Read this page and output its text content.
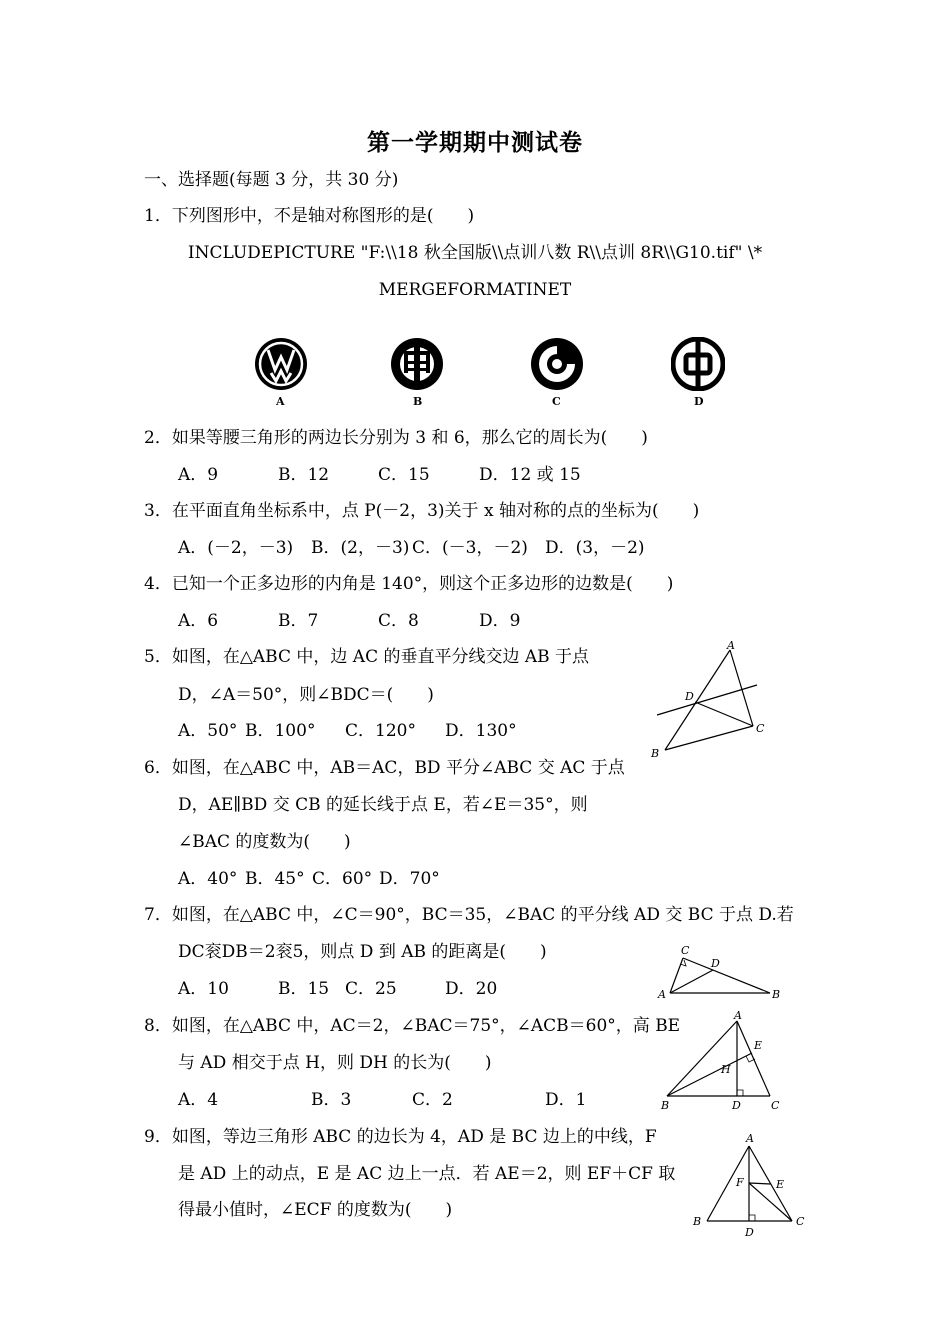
第一学期期中测试卷
一、选择题(每题 3 分，共 30 分)
1．下列图形中，不是轴对称图形的是(　　)
INCLUDEPICTURE "F:\\18 秋全国版\\点训八数 R\\点训 8R\\G10.tif" \*
MERGEFORMATINET
A	B	C	D
2．如果等腰三角形的两边长分别为 3 和 6，那么它的周长为(　　)
A．9	B．12	C．15	D．12 或 15
3．在平面直角坐标系中，点 P(－2，3)关于 x 轴对称的点的坐标为(　　)
A．(－2，－3) B．(2，－3) C．(－3，－2) D．(3，－2)
4．已知一个正多边形的内角是 140°，则这个正多边形的边数是(　　)
A．6	B．7	C．8	D．9
5．如图，在△ABC 中，边 AC 的垂直平分线交边 AB 于点
D，∠A＝50°，则∠BDC＝(　　)
A．50° B．100° C．120° D．130°
A
B
C
D
6．如图，在△ABC 中，AB＝AC，BD 平分∠ABC 交 AC 于点
D，AE∥BD 交 CB 的延长线于点 E，若∠E＝35°，则
∠BAC 的度数为(　　)
A．40° B．45° C．60° D．70°
7．如图，在△ABC 中，∠C＝90°，BC＝35，∠BAC 的平分线 AD 交 BC 于点 D.若
DC衮DB＝2衮5，则点 D 到 AB 的距离是(　　)
A．10	B．15 C．25	D．20	A	B
C
D
8．如图，在△ABC 中，AC＝2，∠BAC＝75°，∠ACB＝60°，高 BE
与 AD 相交于点 H，则 DH 的长为(　　)
A．4	B．3	C．2	D．1
A
B	C
D
E
H
9．如图，等边三角形 ABC 的边长为 4，AD 是 BC 边上的中线，F
是 AD 上的动点，E 是 AC 边上一点．若 AE＝2，则 EF＋CF 取
得最小值时，∠ECF 的度数为(　　)
A
B	C
D
E
F
